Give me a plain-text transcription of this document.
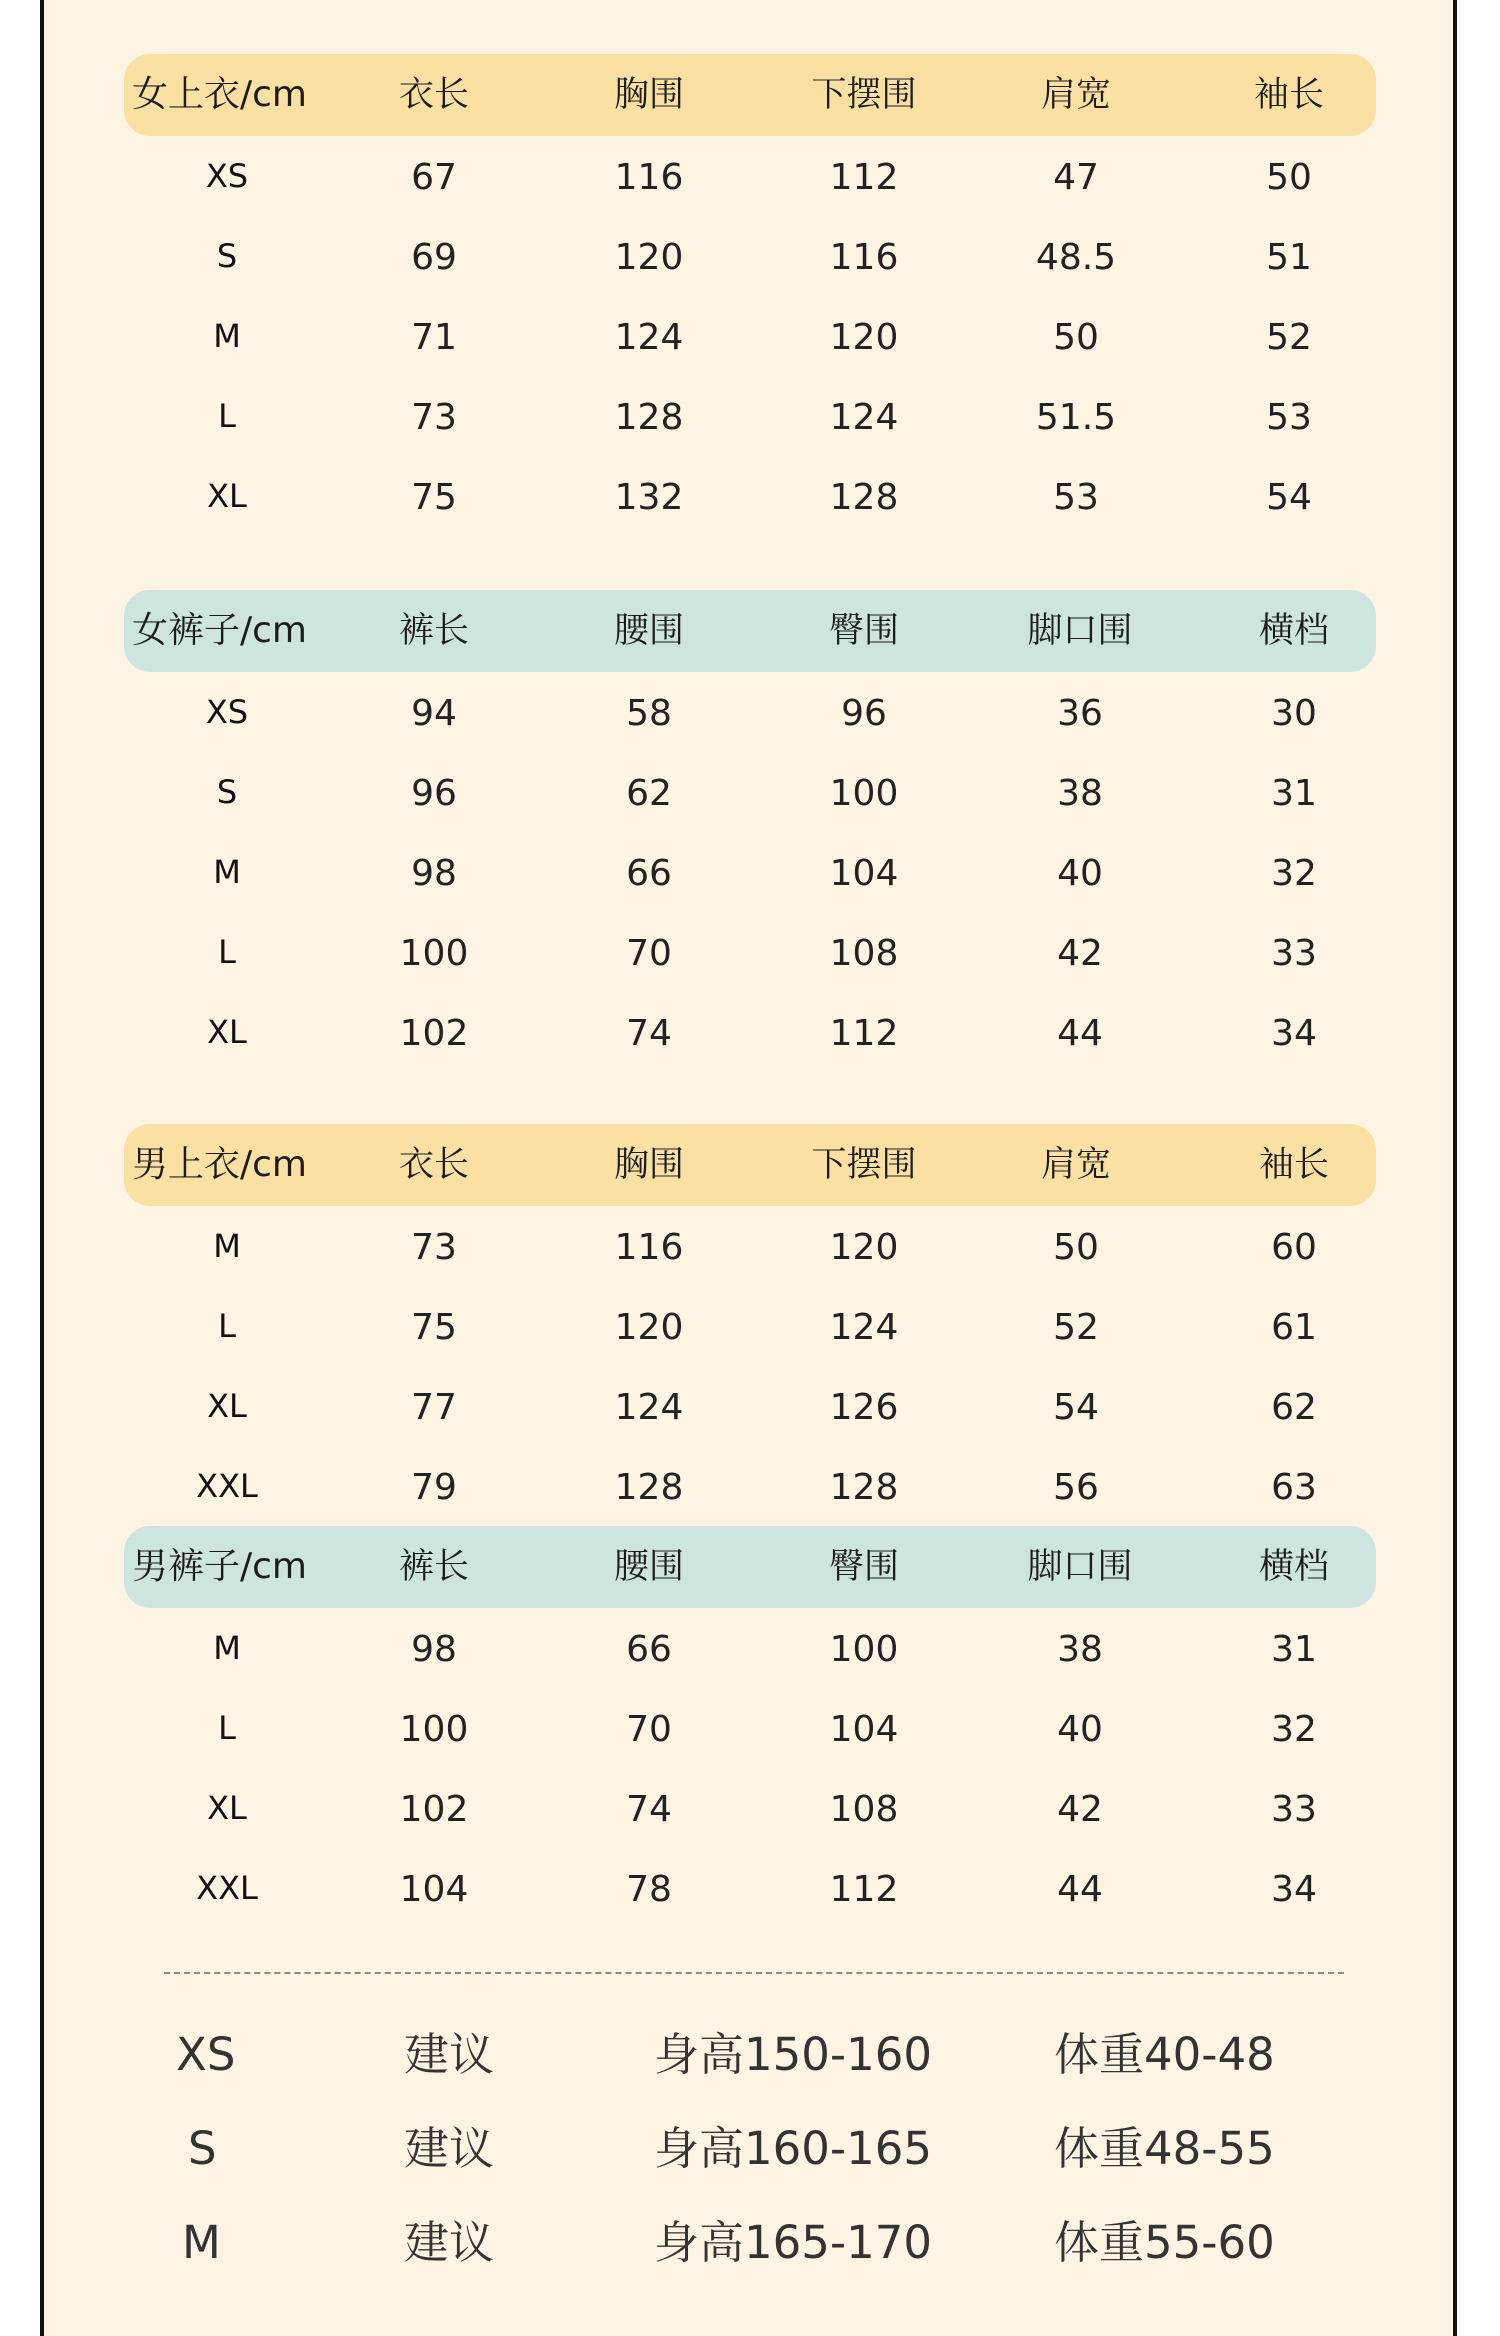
女上衣/cm	衣长	胸围	下摆围	肩宽	袖长
XS	67	116	112	47	50
S	69	120	116	48.5	51
M	71	124	120	50	52
L	73	128	124	51.5	53
XL	75	132	128	53	54
女裤子/cm	裤长	腰围	臀围	脚口围	横档
XS	94	58	96	36	30
S	96	62	100	38	31
M	98	66	104	40	32
L	100	70	108	42	33
XL	102	74	112	44	34
男上衣/cm	衣长	胸围	下摆围	肩宽	袖长
M	73	116	120	50	60
L	75	120	124	52	61
XL	77	124	126	54	62
XXL	79	128	128	56	63
男裤子/cm	裤长	腰围	臀围	脚口围	横档
M	98	66	100	38	31
L	100	70	104	40	32
XL	102	74	108	42	33
XXL	104	78	112	44	34
XS	建议	身高150-160	体重40-48
S	建议	身高160-165	体重48-55
M	建议	身高165-170	体重55-60
